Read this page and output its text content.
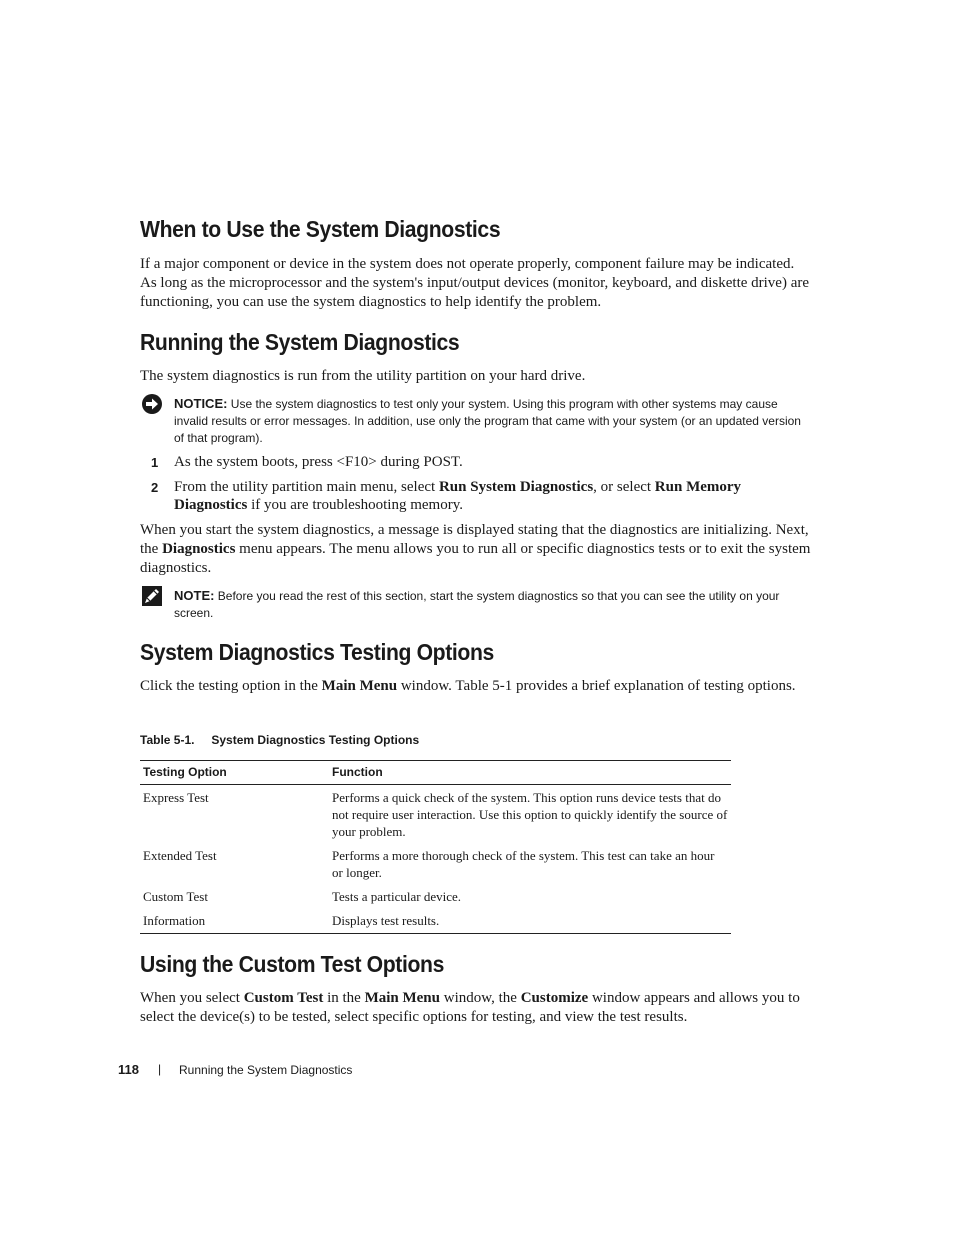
When to Use the System Diagnostics

If a major component or device in the system does not operate properly, component failure may be indicated. As long as the microprocessor and the system's input/output devices (monitor, keyboard, and diskette drive) are functioning, you can use the system diagnostics to help identify the problem.

Running the System Diagnostics

The system diagnostics is run from the utility partition on your hard drive.

NOTICE: Use the system diagnostics to test only your system. Using this program with other systems may cause invalid results or error messages. In addition, use only the program that came with your system (or an updated version of that program).

1 As the system boots, press <F10> during POST.

2 From the utility partition main menu, select Run System Diagnostics, or select Run Memory Diagnostics if you are troubleshooting memory.

When you start the system diagnostics, a message is displayed stating that the diagnostics are initializing. Next, the Diagnostics menu appears. The menu allows you to run all or specific diagnostics tests or to exit the system diagnostics.

NOTE: Before you read the rest of this section, start the system diagnostics so that you can see the utility on your screen.

System Diagnostics Testing Options

Click the testing option in the Main Menu window. Table 5-1 provides a brief explanation of testing options.

Table 5-1. System Diagnostics Testing Options
Testing Option	Function
Express Test	Performs a quick check of the system. This option runs device tests that do not require user interaction. Use this option to quickly identify the source of your problem.
Extended Test	Performs a more thorough check of the system. This test can take an hour or longer.
Custom Test	Tests a particular device.
Information	Displays test results.
Using the Custom Test Options

When you select Custom Test in the Main Menu window, the Customize window appears and allows you to select the device(s) to be tested, select specific options for testing, and view the test results.

118 | Running the System Diagnostics
